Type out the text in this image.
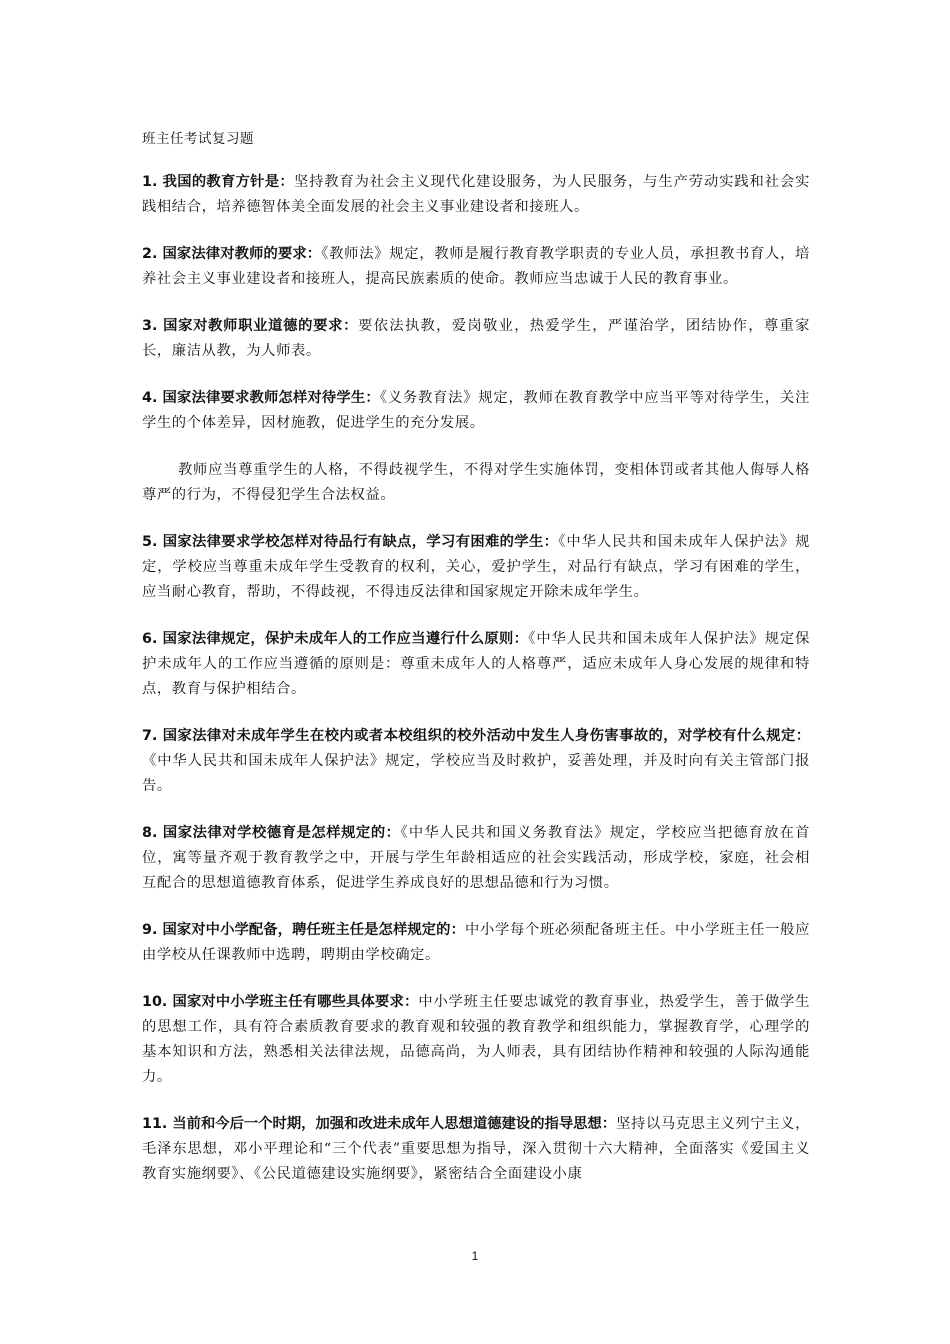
班主任考试复习题

1. 我国的教育方针是：坚持教育为社会主义现代化建设服务，为人民服务，与生产劳动实践和社会实践相结合，培养德智体美全面发展的社会主义事业建设者和接班人。

2. 国家法律对教师的要求：《教师法》规定，教师是履行教育教学职责的专业人员，承担教书育人，培养社会主义事业建设者和接班人，提高民族素质的使命。教师应当忠诚于人民的教育事业。

3. 国家对教师职业道德的要求：要依法执教，爱岗敬业，热爱学生，严谨治学，团结协作，尊重家长，廉洁从教，为人师表。

4. 国家法律要求教师怎样对待学生：《义务教育法》规定，教师在教育教学中应当平等对待学生，关注学生的个体差异，因材施教，促进学生的充分发展。

教师应当尊重学生的人格，不得歧视学生，不得对学生实施体罚，变相体罚或者其他人侮辱人格尊严的行为，不得侵犯学生合法权益。

5. 国家法律要求学校怎样对待品行有缺点，学习有困难的学生：《中华人民共和国未成年人保护法》规定，学校应当尊重未成年学生受教育的权利，关心，爱护学生，对品行有缺点，学习有困难的学生，应当耐心教育，帮助，不得歧视，不得违反法律和国家规定开除未成年学生。

6. 国家法律规定，保护未成年人的工作应当遵行什么原则：《中华人民共和国未成年人保护法》规定保护未成年人的工作应当遵循的原则是：尊重未成年人的人格尊严，适应未成年人身心发展的规律和特点，教育与保护相结合。

7. 国家法律对未成年学生在校内或者本校组织的校外活动中发生人身伤害事故的，对学校有什么规定：《中华人民共和国未成年人保护法》规定，学校应当及时救护，妥善处理，并及时向有关主管部门报告。

8. 国家法律对学校德育是怎样规定的：《中华人民共和国义务教育法》规定，学校应当把德育放在首位，寓等量齐观于教育教学之中，开展与学生年龄相适应的社会实践活动，形成学校，家庭，社会相互配合的思想道德教育体系，促进学生养成良好的思想品德和行为习惯。

9. 国家对中小学配备，聘任班主任是怎样规定的：中小学每个班必须配备班主任。中小学班主任一般应由学校从任课教师中选聘，聘期由学校确定。

10. 国家对中小学班主任有哪些具体要求：中小学班主任要忠诚党的教育事业，热爱学生，善于做学生的思想工作，具有符合素质教育要求的教育观和较强的教育教学和组织能力，掌握教育学，心理学的基本知识和方法，熟悉相关法律法规，品德高尚，为人师表，具有团结协作精神和较强的人际沟通能力。

11. 当前和今后一个时期，加强和改进未成年人思想道德建设的指导思想：坚持以马克思主义列宁主义，毛泽东思想，邓小平理论和“三个代表”重要思想为指导，深入贯彻十六大精神，全面落实《爱国主义教育实施纲要》、《公民道德建设实施纲要》，紧密结合全面建设小康

1
